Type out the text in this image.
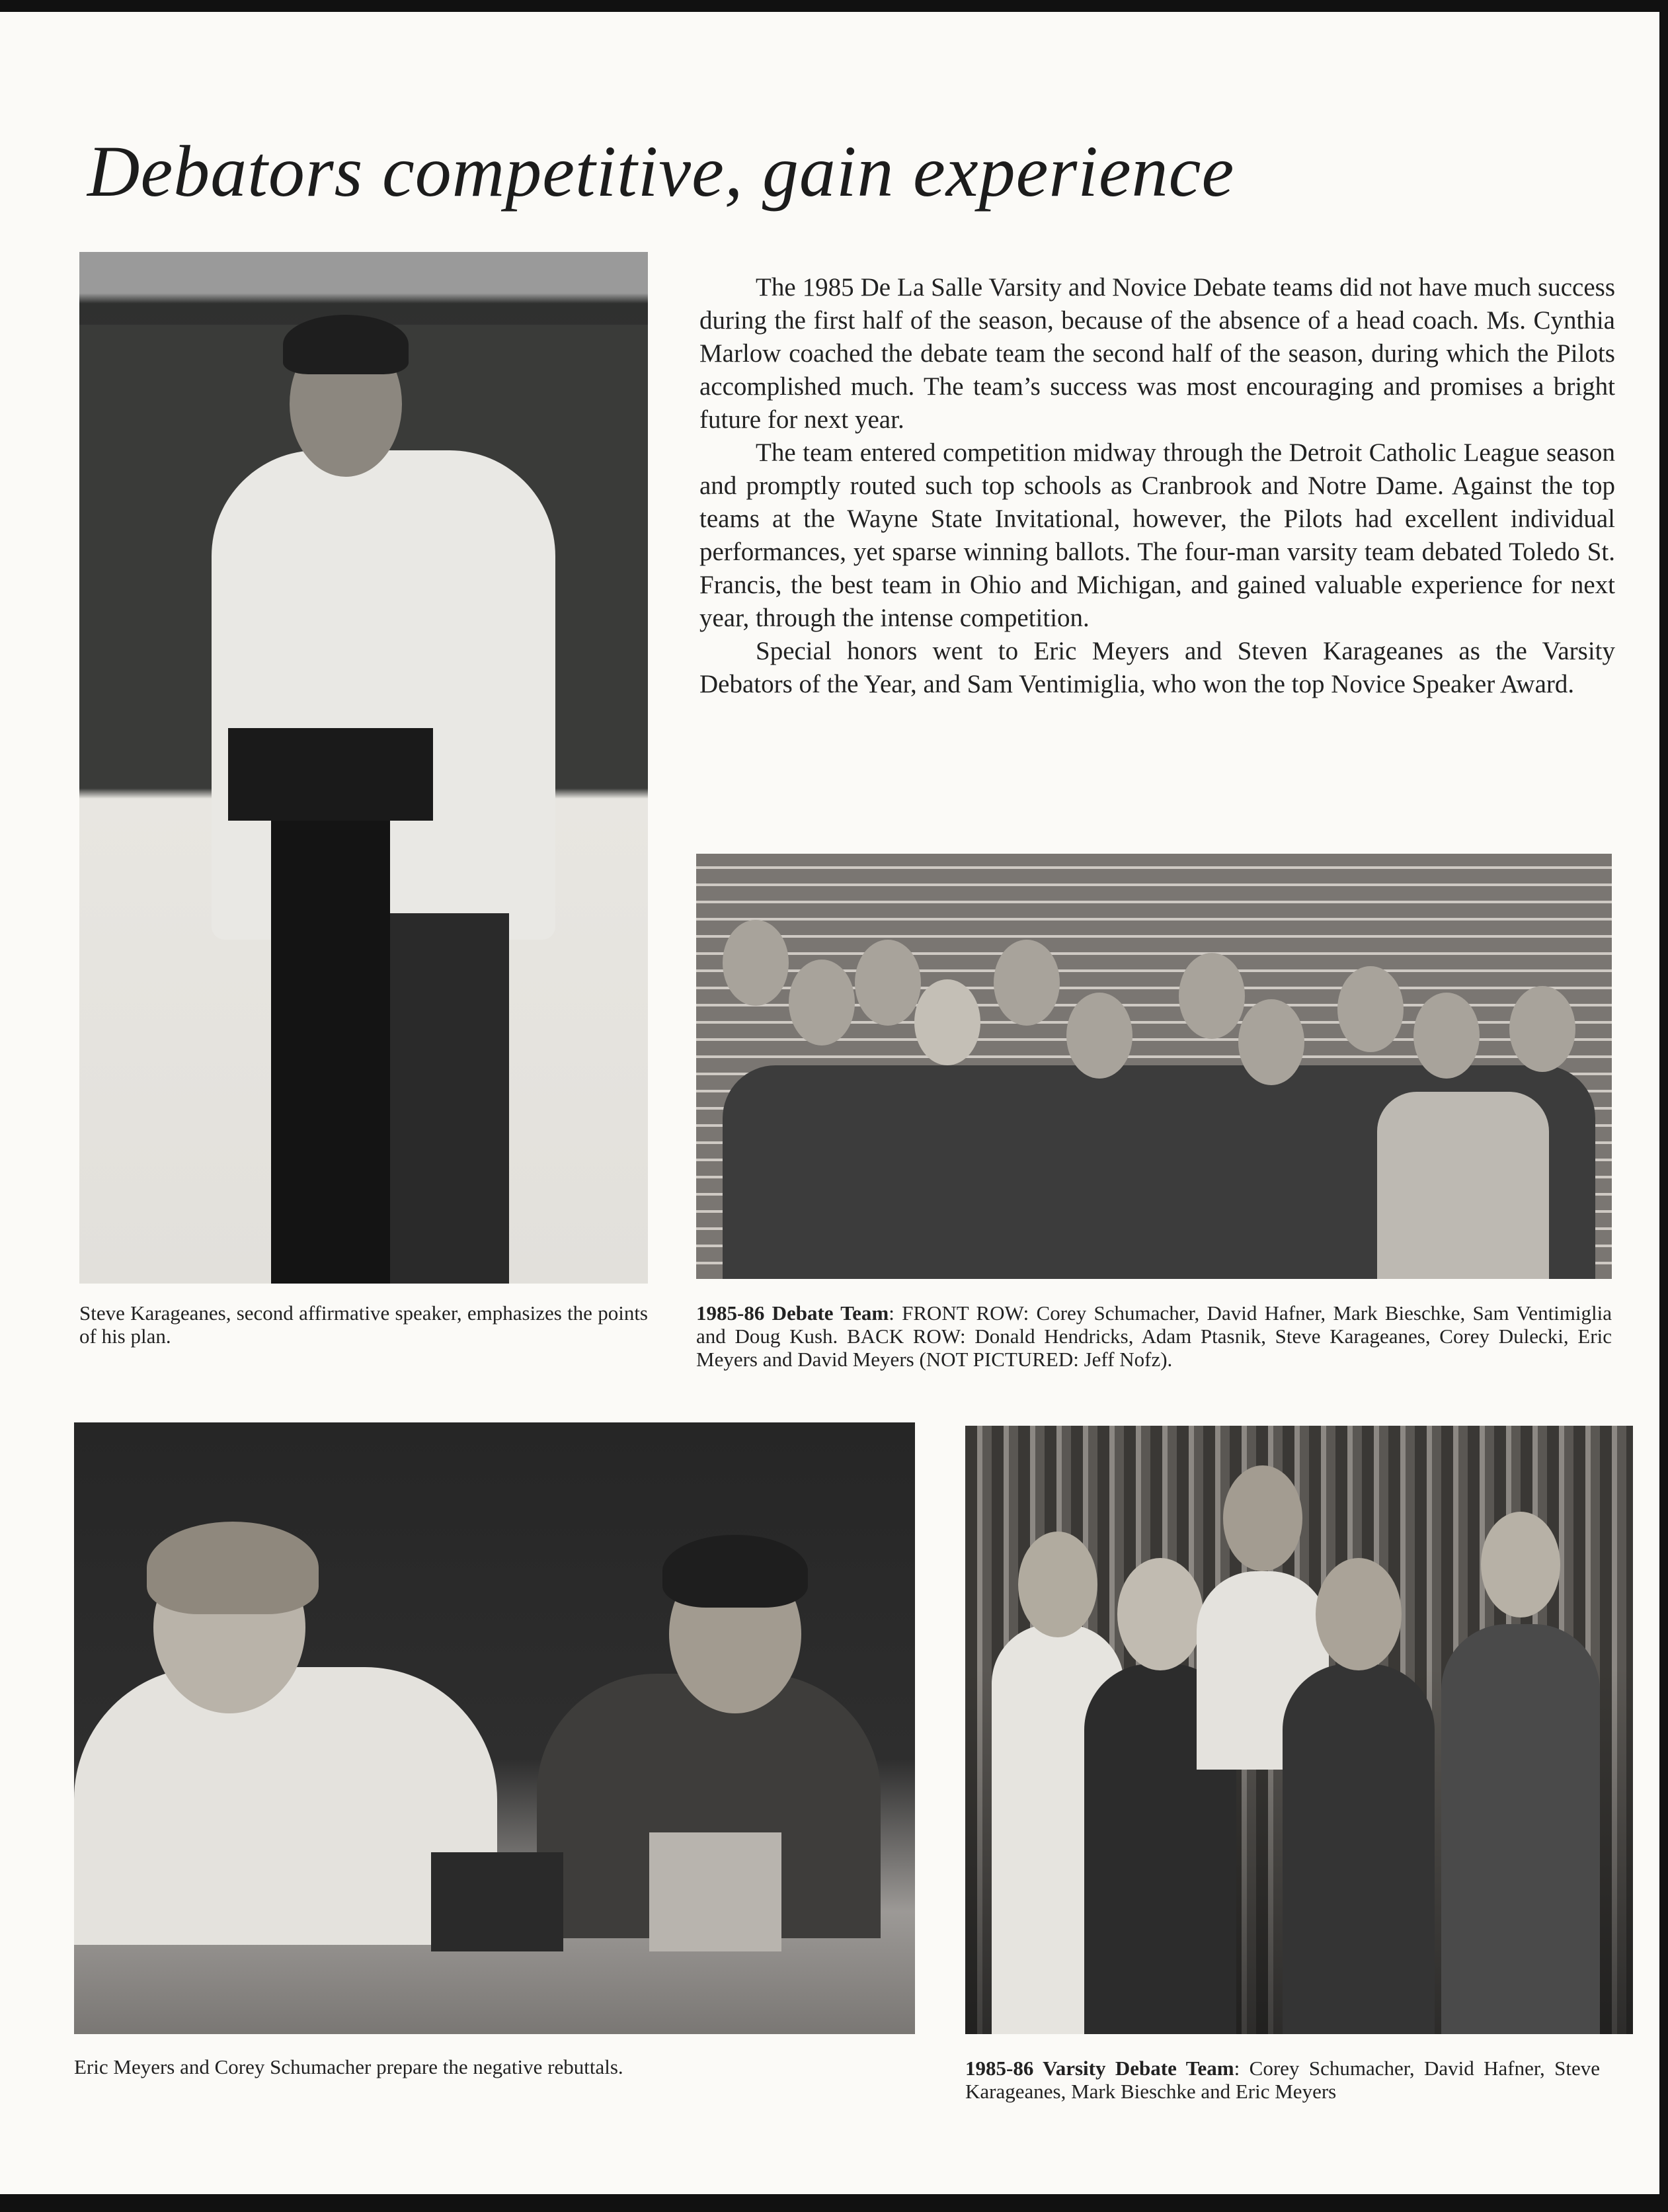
Debators competitive, gain experience

The 1985 De La Salle Varsity and Novice Debate teams did not have much success during the first half of the season, because of the absence of a head coach. Ms. Cynthia Marlow coached the debate team the second half of the season, during which the Pilots accomplished much. The team’s success was most encouraging and promises a bright future for next year.

The team entered competition midway through the Detroit Catholic League season and promptly routed such top schools as Cranbrook and Notre Dame. Against the top teams at the Wayne State Invitational, however, the Pilots had excellent individual performances, yet sparse winning ballots. The four-man varsity team debated Toledo St. Francis, the best team in Ohio and Michigan, and gained valuable experience for next year, through the intense competition.

Special honors went to Eric Meyers and Steven Karageanes as the Varsity Debators of the Year, and Sam Ventimiglia, who won the top Novice Speaker Award.

Steve Karageanes, second affirmative speaker, emphasizes the points of his plan.
1985-86 Debate Team: FRONT ROW: Corey Schumacher, David Hafner, Mark Bieschke, Sam Ventimiglia and Doug Kush. BACK ROW: Donald Hendricks, Adam Ptasnik, Steve Karageanes, Corey Dulecki, Eric Meyers and David Meyers (NOT PICTURED: Jeff Nofz).
Eric Meyers and Corey Schumacher prepare the negative rebuttals.	1985-86 Varsity Debate Team: Corey Schumacher, David Hafner, Steve Karageanes, Mark Bieschke and Eric Meyers
